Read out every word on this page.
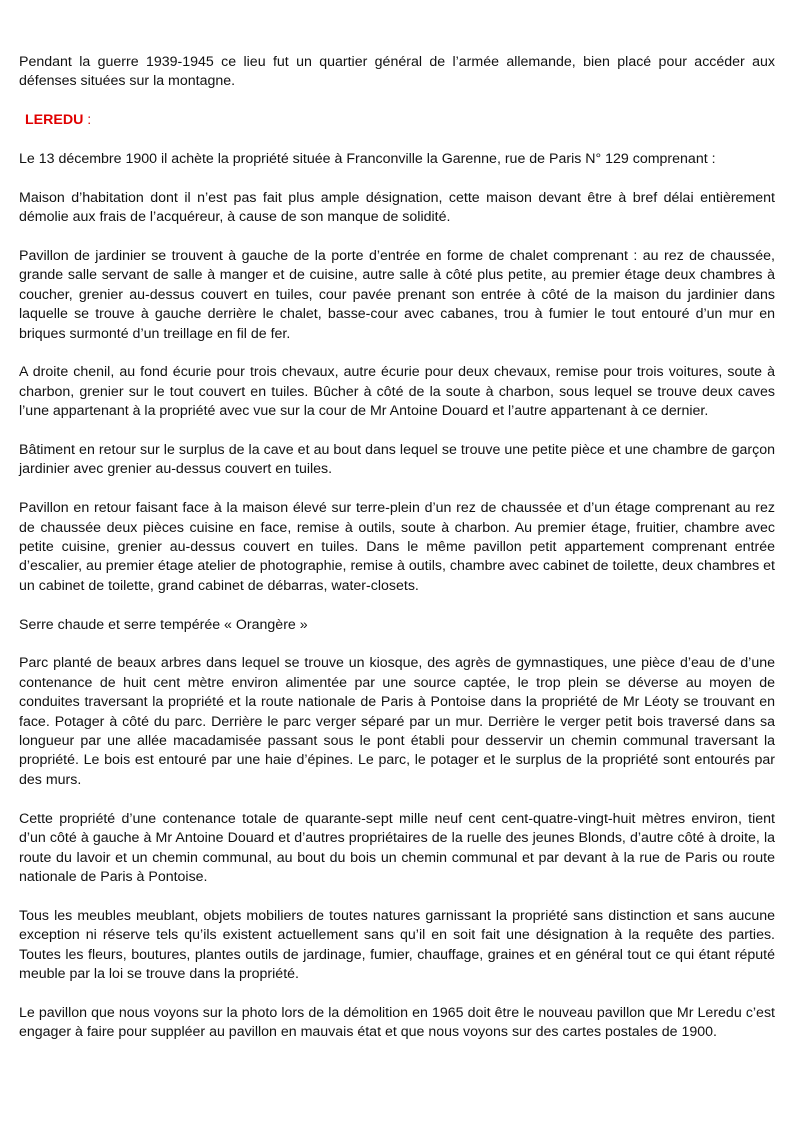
Pendant la guerre 1939-1945 ce lieu fut un quartier général de l’armée allemande, bien placé pour accéder aux défenses situées sur la montagne.

LEREDU :

Le 13 décembre 1900 il achète la propriété située à Franconville la Garenne, rue de Paris N° 129 comprenant :

Maison d’habitation dont il n’est pas fait plus ample désignation, cette maison devant être à bref délai entièrement démolie aux frais de l’acquéreur, à cause de son manque de solidité.

Pavillon de jardinier se trouvent à gauche de la porte d’entrée en forme de chalet comprenant : au rez de chaussée, grande salle servant de salle à manger et de cuisine, autre salle à côté plus petite, au premier étage deux chambres à coucher, grenier au-dessus couvert en tuiles, cour pavée prenant son entrée à côté de la maison du jardinier dans laquelle se trouve à gauche derrière le chalet, basse-cour avec cabanes, trou à fumier le tout entouré d’un mur en briques surmonté d’un treillage en fil de fer.

A droite chenil, au fond écurie pour trois chevaux, autre écurie pour deux chevaux, remise pour trois voitures, soute à charbon, grenier sur le tout couvert en tuiles. Bûcher à côté de la soute à charbon, sous lequel se trouve deux caves l’une appartenant à la propriété avec vue sur la cour de Mr Antoine Douard et l’autre appartenant à ce dernier.

Bâtiment en retour sur le surplus de la cave et au bout dans lequel se trouve une petite pièce et une chambre de garçon jardinier avec grenier au-dessus couvert en tuiles.

Pavillon en retour faisant face à la maison élevé sur terre-plein d’un rez de chaussée et d’un étage comprenant au rez de chaussée deux pièces cuisine en face, remise à outils, soute à charbon. Au premier étage, fruitier, chambre avec petite cuisine, grenier au-dessus couvert en tuiles. Dans le même pavillon petit appartement comprenant entrée d’escalier, au premier étage atelier de photographie, remise à outils, chambre avec cabinet de toilette, deux chambres et un cabinet de toilette, grand cabinet de débarras, water-closets.

Serre chaude et serre tempérée « Orangère »

Parc planté de beaux arbres dans lequel se trouve un kiosque, des agrès de gymnastiques, une pièce d’eau de d’une contenance de huit cent mètre environ alimentée par une source captée, le trop plein se déverse au moyen de conduites traversant la propriété et la route nationale de Paris à Pontoise dans la propriété de Mr Léoty se trouvant en face. Potager à côté du parc. Derrière le parc verger séparé par un mur. Derrière le verger petit bois traversé dans sa longueur par une allée macadamisée passant sous le pont établi pour desservir un chemin communal traversant la propriété. Le bois est entouré par une haie d’épines. Le parc, le potager et le surplus de la propriété sont entourés par des murs.

Cette propriété d’une contenance totale de quarante-sept mille neuf cent cent-quatre-vingt-huit mètres environ, tient d’un côté à gauche à Mr Antoine Douard et d’autres propriétaires de la ruelle des jeunes Blonds, d’autre côté à droite, la route du lavoir et un chemin communal, au bout du bois un chemin communal et par devant à la rue de Paris ou route nationale de Paris à Pontoise.

Tous les meubles meublant, objets mobiliers de toutes natures garnissant la propriété sans distinction et sans aucune exception ni réserve tels qu’ils existent actuellement sans qu’il en soit fait une désignation à la requête des parties. Toutes les fleurs, boutures, plantes outils de jardinage, fumier, chauffage, graines et en général tout ce qui étant réputé meuble par la loi se trouve dans la propriété.

Le pavillon que nous voyons sur la photo lors de la démolition en 1965 doit être le nouveau pavillon que Mr Leredu c’est engager à faire pour suppléer au pavillon en mauvais état et que nous voyons sur des cartes postales de 1900.
